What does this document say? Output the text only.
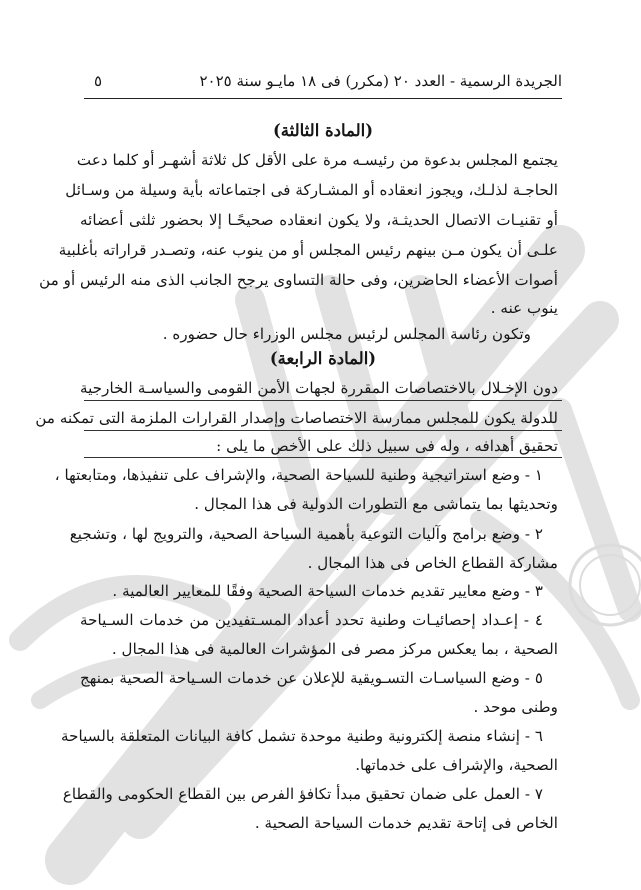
الجريدة الرسمية - العدد ٢٠ (مكرر) فى ١٨ مايـو سنة ٢٠٢٥
٥
(المادة الثالثة)
يجتمع المجلس بدعوة من رئيسـه مرة على الأقل كل ثلاثة أشهـر أو كلما دعت
الحاجـة لذلـك، ويجوز انعقاده أو المشـاركة فى اجتماعاته بأية وسيلة من وسـائل
أو تقنيـات الاتصال الحديثـة، ولا يكون انعقاده صحيحًـا إلا بحضور ثلثى أعضائه
علـى أن يكون مـن بينهم رئيس المجلس أو من ينوب عنه، وتصـدر قراراته بأغلبية
أصوات الأعضاء الحاضرين، وفى حالة التساوى يرجح الجانب الذى منه الرئيس أو من
ينوب عنه .
وتكون رئاسة المجلس لرئيس مجلس الوزراء حال حضوره .
(المادة الرابعة)
دون الإخـلال بالاختصاصات المقررة لجهات الأمن القومى والسياسـة الخارجية
للدولة يكون للمجلس ممارسة الاختصاصات وإصدار القرارات الملزمة التى تمكنه من
تحقيق أهدافه ، وله فى سبيل ذلك على الأخص ما يلى :
١ - وضع استراتيجية وطنية للسياحة الصحية، والإشراف على تنفيذها، ومتابعتها ،
وتحديثها بما يتماشى مع التطورات الدولية فى هذا المجال .
٢ - وضع برامج وآليات التوعية بأهمية السياحة الصحية، والترويج لها ، وتشجيع
مشاركة القطاع الخاص فى هذا المجال .
٣ - وضع معايير تقديم خدمات السياحة الصحية وفقًا للمعايير العالمية .
٤ - إعـداد إحصائيـات وطنية تحدد أعداد المسـتفيدين من خدمات السـياحة
الصحية ، بما يعكس مركز مصر فى المؤشرات العالمية فى هذا المجال .
٥ - وضع السياسـات التسـويقية للإعلان عن خدمات السـياحة الصحية بمنهج
وطنى موحد .
٦ - إنشاء منصة إلكترونية وطنية موحدة تشمل كافة البيانات المتعلقة بالسياحة
الصحية، والإشراف على خدماتها.
٧ - العمل على ضمان تحقيق مبدأ تكافؤ الفرص بين القطاع الحكومى والقطاع
الخاص فى إتاحة تقديم خدمات السياحة الصحية .
